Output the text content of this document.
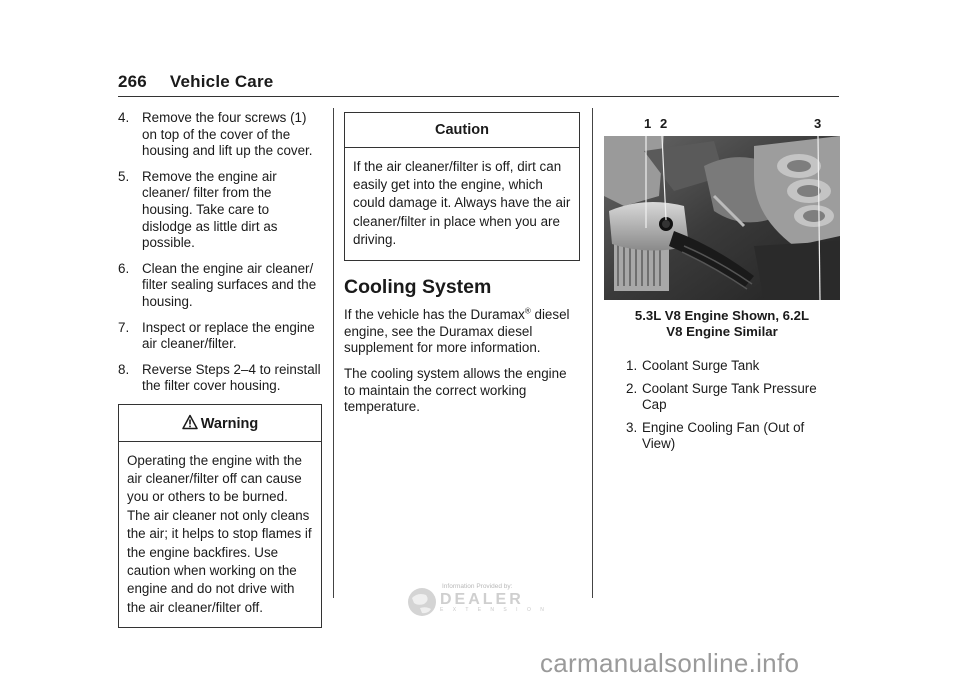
266 Vehicle Care
4. Remove the four screws (1) on top of the cover of the housing and lift up the cover.
5. Remove the engine air cleaner/ filter from the housing. Take care to dislodge as little dirt as possible.
6. Clean the engine air cleaner/ filter sealing surfaces and the housing.
7. Inspect or replace the engine air cleaner/filter.
8. Reverse Steps 2–4 to reinstall the filter cover housing.
Warning
Operating the engine with the air cleaner/filter off can cause you or others to be burned. The air cleaner not only cleans the air; it helps to stop flames if the engine backfires. Use caution when working on the engine and do not drive with the air cleaner/filter off.
Caution
If the air cleaner/filter is off, dirt can easily get into the engine, which could damage it. Always have the air cleaner/filter in place when you are driving.
Cooling System

If the vehicle has the Duramax® diesel engine, see the Duramax diesel supplement for more information.

The cooling system allows the engine to maintain the correct working temperature.

1 2	3
5.3L V8 Engine Shown, 6.2L
V8 Engine Similar
1. Coolant Surge Tank
2. Coolant Surge Tank Pressure Cap
3. Engine Cooling Fan (Out of View)
Information Provided by:
DEALER
E X T E N S I O N
carmanualsonline.info
